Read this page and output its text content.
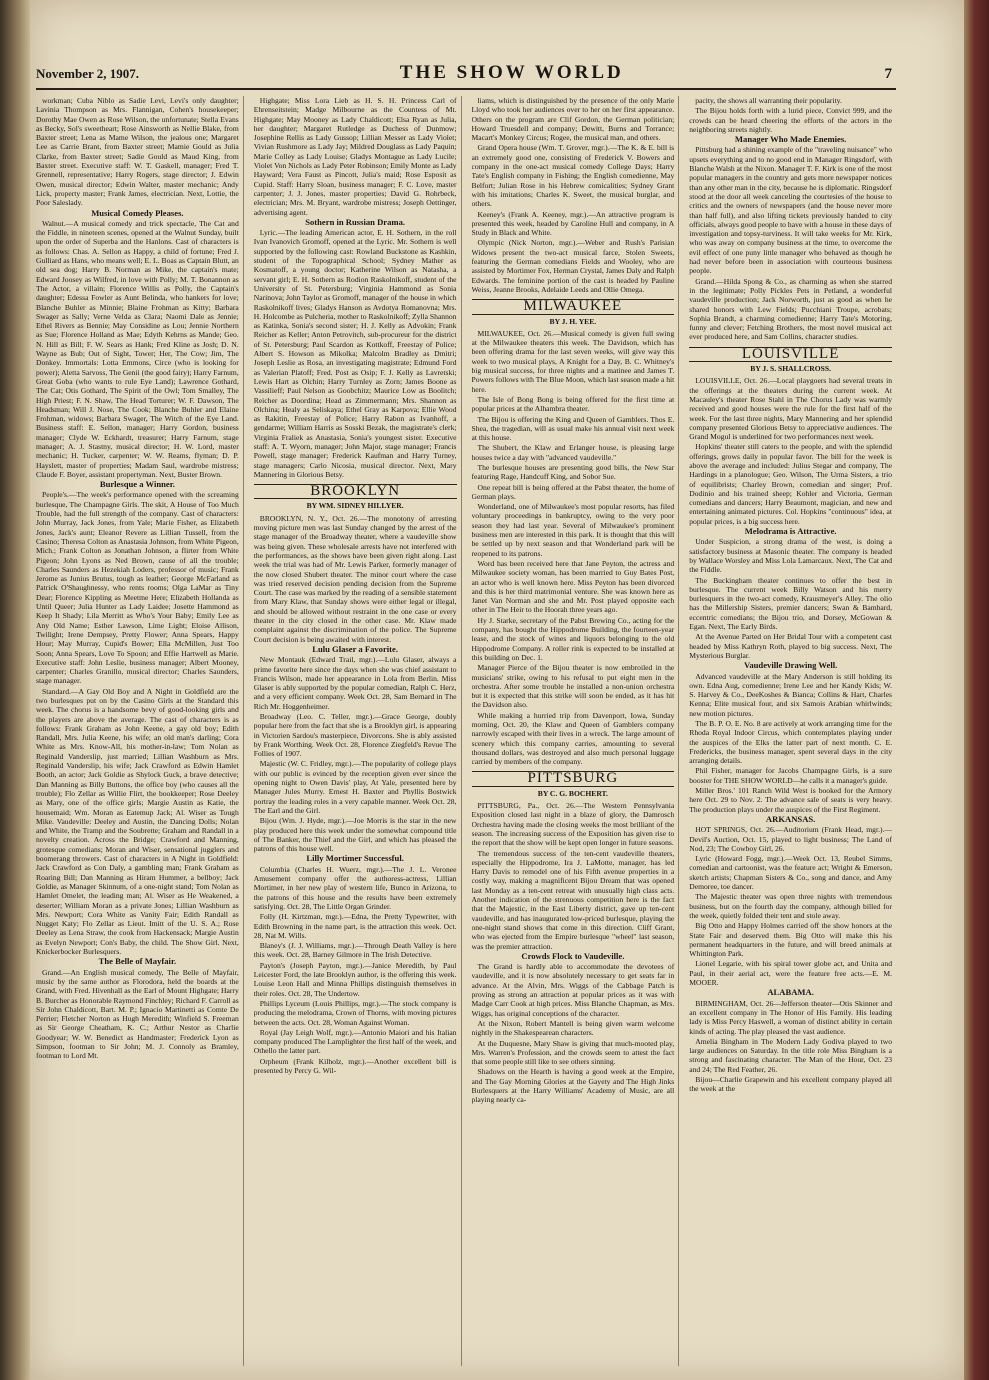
November 2, 1907.	THE SHOW WORLD	7

workman; Cuba Niblo as Sadie Levi, Levi's only daughter; Lavinia Thompson as Mrs. Flannigan, Cohen's housekeeper; Dorothy Mae Owen as Rose Wilson, the unfortunate; Stella Evans as Becky, Sol's sweetheart; Rose Ainsworth as Nellie Blake, from Baxter street; Lena as Mame Wilson, the jealous one; Margaret Lee as Carrie Brant, from Baxter street; Mamie Gould as Julia Clarke, from Baxter street; Sadie Gould as Maud King, from Baxter street. Executive staff: W. T. Gaskell, manager; Fred T. Grennell, representative; Harry Rogers, stage director; J. Edwin Owen, musical director; Edwin Walter, master mechanic; Andy Lick, property master; Frank James, electrician. Next, Lottie, the Poor Saleslady.

Musical Comedy Pleases.

Walnut.—A musical comedy and trick spectacle, The Cat and the Fiddle, in nineteen scenes, opened at the Walnut Sunday, built upon the order of Superba and the Hanlons. Cast of characters is as follows: Chas. A. Sellon as Happy, a child of fortune; Fred J. Gulliard as Hans, who means well; E. L. Boas as Captain Blutt, an old sea dog; Harry B. Norman as Mike, the captain's mate; Edward Joosey as Wilfred, in love with Polly; M. T. Bonannon as The Actor, a villain; Florence Willis as Polly, the Captain's daughter; Edessa Fowler as Aunt Belinda, who hankers for love; Blanche Buhler as Minnie; Blaine Frohman as Kitty; Barbara Swager as Sally; Verne Velda as Clara; Naomi Dale as Jennie; Ethel Rivers as Bennie; May Considine as Lou; Jennie Northern as Sue; Florence Holland as Mae; Edyth Kehrns as Mande; Geo. N. Hill as Bill; F. W. Sears as Hank; Fred Kline as Josh; D. N. Wayne as Bub; Out of Sight, Tower; Her, The Cow; Jim, The Donkey. Immortals: Lotta Emmons, Circe (who is looking for power); Aletta Sarvoss, The Genii (the good fairy); Harry Farnum, Great Goba (who wants to rule Eye Land); Lawrence Gothard, The Cat; Otis Gothard, The Spirit of the Owl; Tom Smalley, The High Priest; F. N. Shaw, The Head Torturer; W. F. Dawson, The Headsman; Will J. Nose, The Cook; Blanche Buhler and Elaine Frohman, widows; Barbara Swager, The Witch of the Eye Land. Business staff: E. Sellon, manager; Harry Gordon, business manager; Clyde W. Eckhardt, treasurer; Harry Farnum, stage manager; A. J. Stastny, musical director; H. W. Lord, master mechanic; H. Tucker, carpenter; W. W. Reams, flyman; D. P. Hayslett, master of properties; Madam Saul, wardrobe mistress; Claude F. Boyer, assistant propertyman. Next, Buster Brown.

Burlesque a Winner.

People's.—The week's performance opened with the screaming burlesque, The Champagne Girls. The skit, A House of Too Much Trouble, had the full strength of the company. Cast of characters: John Murray, Jack Jones, from Yale; Marie Fisher, as Elizabeth Jones, Jack's aunt; Eleanor Revere as Lillian Tussell, from the Casino; Theresa Colton as Anastasia Johnson, from White Pigeon, Mich.; Frank Colton as Jonathan Johnson, a flirter from White Pigeon; John Lyons as Ned Brown, cause of all the trouble; Charles Saunders as Hezekiah Loders, professor of music; Frank Jerome as Junius Brutus, tough as leather; George McFarland as Patrick O'Shaughnessy, who rents rooms; Olga LaMar as Tiny Dear; Florence Kippling as Meetme Here; Elizabeth Hollanda as Until Queer; Julia Hunter as Lady Laidee; Josette Hammond as Keep It Shady; Lila Merritt as Who's Your Baby; Emily Lee as Any Old Name; Esther Lawson, Lime Light; Eloise Allison, Twilight; Irene Dempsey, Pretty Flower; Anna Spears, Happy Hour; May Murray, Cupid's Bower; Ella McMillen, Just Too Soon; Anna Spears, Love To Spoon; and Effie Hartwell as Marie. Executive staff: John Leslie, business manager; Albert Mooney, carpenter; Charles Granillo, musical director; Charles Saunders, stage manager.

Standard.—A Gay Old Boy and A Night in Goldfield are the two burlesques put on by the Casino Girls at the Standard this week. The chorus is a handsome bevy of good-looking girls and the players are above the average. The cast of characters is as follows: Frank Graham as John Keene, a gay old boy; Edith Randall, Mrs. Julia Keene, his wife; an old man's darling; Cora White as Mrs. Know-All, his mother-in-law; Tom Nolan as Reginald Vanderslip, just married; Lillian Washburn as Mrs. Reginald Vanderslip, his wife; Jack Crawford as Edwin Hamlet Booth, an actor; Jack Goldie as Shylock Guck, a brave detective; Dan Manning as Billy Buttons, the office boy (who causes all the trouble); Flo Zellar as Willie Flirt, the bookkeeper; Rose Deeley as Mary, one of the office girls; Margie Austin as Katie, the housemaid; Wm. Moran as Eatemup Jack; Al. Wiser as Tough Mike. Vaudeville: Deeley and Austin, the Dancing Dolls; Nolan and White, the Tramp and the Soubrette; Graham and Randall in a novelty creation. Across the Bridge; Crawford and Manning, grotesque comedians; Moran and Wiser, sensational jugglers and boomerang throwers. Cast of characters in A Night in Goldfield: Jack Crawford as Con Daly, a gambling man; Frank Graham as Roaring Bill; Dan Manning as Hiram Hummer, a bellboy; Jack Goldie, as Manager Skinnum, of a one-night stand; Tom Nolan as Hamlet Omelet, the leading man; Al. Wiser as He Weakened, a deserter; William Moran as a private Jones; Lillian Washburn as Mrs. Newport; Cora White as Vanity Fair; Edith Randall as Nugget Katy; Flo Zellar as Lieut. Imitt of the U. S. A.; Rose Deeley as Lena Straw, the cook from Hackensack; Margie Austin as Evelyn Newport; Con's Baby, the child. The Show Girl. Next, Knickerbocker Burlesquers.

The Belle of Mayfair.

Grand.—An English musical comedy, The Belle of Mayfair, music by the same author as Florodora, held the boards at the Grand, with Fred. Hivenhall as the Earl of Mount Highgate; Harry B. Burcher as Honorable Raymond Finchley; Richard F. Carroll as Sir John Chaldicott, Bart. M. P.; Ignacio Martinetti as Comte De Perrier; Fletcher Norton as Hugh Meredith; Winfield S. Freeman as Sir George Cheatham, K. C.; Arthur Nestor as Charlie Goodyear; W. W. Benedict as Handmaster; Frederick Lyon as Simpson, footman to Sir John; M. J. Connoly as Bramley, footman to Lord Mt.

Highgate; Miss Lora Lieb as H. S. H. Princess Carl of Ehrenseitstein; Madge Milbourne as the Countess of Mt. Highgate; May Mooney as Lady Chaldicott; Elsa Ryan as Julia, her daughter; Margaret Rutledge as Duchess of Dunmow; Josephine Rellis as Lady Gussop; Lillian Messer as Lady Violet; Vivian Rushmore as Lady Jay; Mildred Douglass as Lady Paquin; Marie Colley as Lady Louise; Gladys Montague as Lady Lucile; Violet Von Nichols as Lady Peter Robinson; Emily Monte as Lady Hayward; Vera Faust as Pincott, Julia's maid; Rose Esposit as Cupid. Staff: Harry Sloan, business manager; F. C. Love, master carpenter; J. J. Jones, master properties; David G. Rohrbeck, electrician; Mrs. M. Bryant, wardrobe mistress; Joseph Oettinger, advertising agent.

Sothern in Russian Drama.

Lyric.—The leading American actor, E. H. Sothern, in the roll Ivan Ivanovich Gromoff, opened at the Lyric. Mr. Sothern is well supported by the following cast: Rowland Buckstone as Kashkin, student of the Topographical School; Sydney Mather as Kosmatoff, a young doctor; Katherine Wilson as Natasha, a servant girl; E. H. Sothern as Rodion Raskolnikoff, student of the University of St. Petersburg; Virginia Hammond as Sonia Narinova; John Taylor as Gromoff, manager of the house in which Raskolnikoff lives; Gladys Hanson as Avdotya Romanovna; Mrs. H. Holcombe as Pulcheria, mother to Raskolnikoff; Zylla Shannon as Katinka, Sonia's second sister; H. J. Kelly as Advokin; Frank Reicher as Keller; Anton Petrovitch, sub-procureur for the district of St. Petersburg; Paul Scardon as Kottkoff, Freestay of Police; Albert S. Howson as Mikolka; Malcolm Bradley as Dmitri; Joseph Leslie as Rosa, an investigating magistrate; Edmund Ford as Valerian Platoff; Fred. Post as Osip; F. J. Kelly as Lavretski; Lewis Hart as Olchin; Harry Turnley as Zorn; James Boone as Vassilieff; Paul Nelson as Goobchitz; Maurice Low as Boolitch; Reicher as Doordina; Head as Zimmermann; Mrs. Shannon as Olchina; Healy as Seliskaya; Ethel Gray as Karpova; Ellie Wood as Rakitin, Freestay of Police; Harry Rabon as Ivanhoff, a gendarme; William Harris as Sosski Bezak, the magistrate's clerk; Virginia Fraliek as Anastasia, Sonia's youngest sister. Executive staff: A. T. Wyorn, manager; John Major, stage manager; Francis Powell, stage manager; Frederick Kaufman and Harry Turney, stage managers; Carlo Nicosia, musical director. Next, Mary Mannering in Glorious Betsy.

BROOKLYN
BY WM. SIDNEY HILLYER.

BROOKLYN, N. Y., Oct. 26.—The monotony of arresting moving picture men was last Sunday changed by the arrest of the stage manager of the Broadway theater, where a vaudeville show was being given. These wholesale arrests have not interfered with the performances, as the shows have been given right along. Last week the trial was had of Mr. Lewis Parker, formerly manager of the now closed Shubert theater. The minor court where the case was tried reserved decision pending decision from the Supreme Court. The case was marked by the reading of a sensible statement from Mary Klaw, that Sunday shows were either legal or illegal, and should be allowed without restraint in the one case or every theater in the city closed in the other case. Mr. Klaw made complaint against the discrimination of the police. The Supreme Court decision is being awaited with interest.

Lulu Glaser a Favorite.

New Montauk (Edward Trail, mgr.).—Lulu Glaser, always a prime favorite here since the days when she was chief assistant to Francis Wilson, made her appearance in Lola from Berlin. Miss Glaser is ably supported by the popular comedian, Ralph C. Herz, and a very efficient company. Week Oct. 28, Sam Bernard in The Rich Mr. Hoggenheimer.

Broadway (Leo. C. Teller, mgr.).—Grace George, doubly popular here from the fact that she is a Brooklyn girl, is appearing in Victorien Sardou's masterpiece, Divorcons. She is ably assisted by Frank Worthing. Week Oct. 28, Florence Ziegfeld's Revue The Follies of 1907.

Majestic (W. C. Fridley, mgr.).—The popularity of college plays with our public is evinced by the reception given ever since the opening night to Owen Davis' play, At Yale, presented here by Manager Jules Murry. Ernest H. Baxter and Phyllis Bostwick portray the leading roles in a very capable manner. Week Oct. 28, The Earl and the Girl.

Bijou (Wm. J. Hyde, mgr.).—Joe Morris is the star in the new play produced here this week under the somewhat compound title of The Banker, the Thief and the Girl, and which has pleased the patrons of this house well.

Lilly Mortimer Successful.

Columbia (Charles H. Wuerz, mgr.).—The J. L. Veronee Amusement company offer the authoress-actress, Lillian Mortimer, in her new play of western life, Bunco in Arizona, to the patrons of this house and the results have been extremely satisfying. Oct. 28, The Little Organ Grinder.

Folly (H. Kirtzman, mgr.).—Edna, the Pretty Typewriter, with Edith Browning in the name part, is the attraction this week. Oct. 28, Nat M. Wills.

Blaney's (J. J. Williams, mgr.).—Through Death Valley is here this week. Oct. 28, Barney Gilmore in The Irish Detective.

Payton's (Joseph Payton, mgr.).—Janice Meredith, by Paul Leicester Ford, the late Brooklyn author, is the offering this week. Louise Leon Hall and Minna Phillips distinguish themselves in their roles. Oct. 28, The Undertow.

Phillips Lyceum (Louis Phillips, mgr.).—The stock company is producing the melodrama, Crown of Thorns, with moving pictures between the acts. Oct. 28, Woman Against Woman.

Royal (Jay Leigh Wolf, mgr.).—Antonio Maiori and his Italian company produced The Lamplighter the first half of the week, and Othello the latter part.

Orpheum (Frank Kilholz, mgr.).—Another excellent bill is presented by Percy G. Wil-

liams, which is distinguished by the presence of the only Marie Lloyd who took her audiences over to her on her first appearance. Others on the program are Clif Gordon, the German politician; Howard Truesdell and company; Dewitt, Burns and Torrance; Macart's Monkey Circus; Rogee, the musical man, and others.

Grand Opera house (Wm. T. Grover, mgr.).—The K. & E. bill is an extremely good one, consisting of Frederick V. Bowers and company in the one-act musical comedy College Days; Harry Tate's English company in Fishing; the English comedienne, May Belfort; Julian Rose in his Hebrew comicalities; Sydney Grant with his imitations; Charles K. Sweet, the musical burglar, and others.

Keeney's (Frank A. Keeney, mgr.).—An attractive program is presented this week, headed by Caroline Hull and company, in A Study in Black and White.

Olympic (Nick Norton, mgr.).—Weber and Rush's Parisian Widows present the two-act musical farce, Stolen Sweets, featuring the German comedians Fields and Wooley, who are assisted by Mortimer Fox, Herman Crystal, James Daly and Ralph Edwards. The feminine portion of the cast is headed by Pauline Weiss, Jeanne Brooks, Adelaide Leeds and Ollie Omega.

MILWAUKEE
BY J. H. YEE.

MILWAUKEE, Oct. 26.—Musical comedy is given full swing at the Milwaukee theaters this week. The Davidson, which has been offering drama for the last seven weeks, will give way this week to two musical plays, A Knight for a Day, B. C. Whitney's big musical success, for three nights and a matinee and James T. Powers follows with The Blue Moon, which last season made a hit here.

The Isle of Bong Bong is being offered for the first time at popular prices at the Alhambra theater.

The Bijou is offering the King and Queen of Gamblers. Thos E. Shea, the tragedian, will as usual make his annual visit next week at this house.

The Shubert, the Klaw and Erlanger house, is pleasing large houses twice a day with "advanced vaudeville."

The burlesque houses are presenting good bills, the New Star featuring Rage, Handcuff King, and Sobor Sue.

One repeat bill is being offered at the Pabst theater, the home of German plays.

Wonderland, one of Milwaukee's most popular resorts, has filed voluntary proceedings in bankruptcy, owing to the very poor season they had last year. Several of Milwaukee's prominent business men are interested in this park. It is thought that this will be settled up by next season and that Wonderland park will be reopened to its patrons.

Word has been received here that Jane Peyton, the actress and Milwaukee society woman, has been married to Guy Bates Post, an actor who is well known here. Miss Peyton has been divorced and this is her third matrimonial venture. She was known here as Janet Van Norman and she and Mr. Post played opposite each other in The Heir to the Hoorah three years ago.

Hy J. Starke, secretary of the Pabst Brewing Co., acting for the company, has bought the Hippodrome Building, the fourteen-year lease, and the stock of wines and liquors belonging to the old Hippodrome Company. A roller rink is expected to be installed at this building on Dec. 1.

Manager Pierce of the Bijou theater is now embroiled in the musicians' strike, owing to his refusal to put eight men in the orchestra. After some trouble he installed a non-union orchestra but it is expected that this strike will soon be ended, as it has hit the Davidson also.

While making a hurried trip from Davenport, Iowa, Sunday morning, Oct. 20, the Klaw and Queen of Gamblers company narrowly escaped with their lives in a wreck. The large amount of scenery which this company carries, amounting to several thousand dollars, was destroyed and also much personal luggage carried by members of the company.

PITTSBURG
BY C. G. BOCHERT.

PITTSBURG, Pa., Oct. 26.—The Western Pennsylvania Exposition closed last night in a blaze of glory, the Damrosch Orchestra having made the closing weeks the most brilliant of the season. The increasing success of the Exposition has given rise to the report that the show will be kept open longer in future seasons.

The tremendous success of the ten-cent vaudeville theaters, especially the Hippodrome, Ira J. LaMotte, manager, has led Harry Davis to remodel one of his Fifth avenue properties in a costly way, making a magnificent Bijou Dream that was opened last Monday as a ten-cent retreat with unusually high class acts. Another indication of the strenuous competition here is the fact that the Majestic, in the East Liberty district, gave up ten-cent vaudeville, and has inaugurated low-priced burlesque, playing the one-night stand shows that come in this direction. Cliff Grant, who was ejected from the Empire burlesque "wheel" last season, was the premier attraction.

Crowds Flock to Vaudeville.

The Grand is hardly able to accommodate the devotees of vaudeville, and it is now absolutely necessary to get seats far in advance. At the Alvin, Mrs. Wiggs of the Cabbage Patch is proving as strong an attraction at popular prices as it was with Madge Carr Cook at high prices. Miss Blanche Chapman, as Mrs. Wiggs, has original conceptions of the character.

At the Nixon, Robert Mantell is being given warm welcome nightly in the Shakespearean characters.

At the Duquesne, Mary Shaw is giving that much-mooted play, Mrs. Warren's Profession, and the crowds seem to attest the fact that some people still like to see others sinning.

Shadows on the Hearth is having a good week at the Empire, and The Gay Morning Glories at the Gayety and The High Jinks Burlesquers at the Harry Williams' Academy of Music, are all playing nearly ca-

pacity, the shows all warranting their popularity.

The Bijou holds forth with a lurid piece, Convict 999, and the crowds can be heard cheering the efforts of the actors in the neighboring streets nightly.

Manager Who Made Enemies.

Pittsburg had a shining example of the "traveling nuisance" who upsets everything and to no good end in Manager Ringsdorf, with Blanche Walsh at the Nixon. Manager T. F. Kirk is one of the most popular managers in the country and gets more newspaper notices than any other man in the city, because he is diplomatic. Ringsdorf stood at the door all week canceling the courtesies of the house to critics and the owners of newspapers (and the house never more than half full), and also lifting tickets previously handed to city officials, always good people to have with a house in these days of investigation and topsy-turviness. It will take weeks for Mr. Kirk, who was away on company business at the time, to overcome the evil effect of one puny little manager who behaved as though he had never before been in association with courteous business people.

Grand.—Hilda Spong & Co., as charming as when she starred in the legitimate; Polly Pickles Pets in Petland, a wonderful vaudeville production; Jack Norworth, just as good as when he shared honors with Lew Fields; Pucchiani Troupe, acrobats; Sophia Brandt, a charming comedienne; Harry Tate's Motoring, funny and clever; Fetching Brothers, the most novel musical act ever produced here, and Sam Collins, character studies.

LOUISVILLE
BY J. S. SHALLCROSS.

LOUISVILLE, Oct. 26.—Local playgoers had several treats in the offerings at the theaters during the current week. At Macauley's theater Rose Stahl in The Chorus Lady was warmly received and good houses were the rule for the first half of the week. For the last three nights, Mary Mannering and her splendid company presented Glorious Betsy to appreciative audiences. The Grand Mogul is underlined for two performances next week.

Hopkins' theater still caters to the people, and with the splendid offerings, grows daily in popular favor. The bill for the week is above the average and included: Julius Stegar and company, The Hardings in a planologue; Geo. Wilson, The Urma Sisters, a trio of equilibrists; Charley Brown, comedian and singer; Prof. Dodinio and his trained sheep; Kohler and Victoria, German comedians and dancers; Harry Beaumont, magician, and new and entertaining animated pictures. Col. Hopkins "continuous" idea, at popular prices, is a big success here.

Melodrama is Attractive.

Under Suspicion, a strong drama of the west, is doing a satisfactory business at Masonic theater. The company is headed by Wallace Worsley and Miss Lola Lamarcaux. Next, The Cat and the Fiddle.

The Buckingham theater continues to offer the best in burlesque. The current week Billy Watson and his merry burlesquers in the two-act comedy, Krausmeyer's Alley. The olio has the Millership Sisters, premier dancers; Swan & Bambard, eccentric comedians; the Bijou trio, and Dorsey, McGowan & Egan. Next, The Early Birds.

At the Avenue Parted on Her Bridal Tour with a competent cast headed by Miss Kathryn Roth, played to big success. Next, The Mysterious Burglar.

Vaudeville Drawing Well.

Advanced vaudeville at the Mary Anderson is still holding its own. Edna Aug, comedienne; Irene Lee and her Kandy Kids; W. S. Harvey & Co., DeeKoshes & Bianca; Collins & Hart, Charles Kenna; Elite musical four, and six Samois Arabian whirlwinds; new motion pictures.

The B. P. O. E. No. 8 are actively at work arranging time for the Rhoda Royal Indoor Circus, which contemplates playing under the auspices of the Elks the latter part of next month. C. E. Fredericks, the business manager, spent several days in the city arranging details.

Phil Fisher, manager for Jacobs Champagne Girls, is a sure booster for THE SHOW WORLD—he calls it a manager's guide.

Miller Bros.' 101 Ranch Wild West is booked for the Armory here Oct. 29 to Nov. 2. The advance sale of seats is very heavy. The production plays under the auspices of the First Regiment.

ARKANSAS.

HOT SPRINGS, Oct. 26.—Auditorium (Frank Head, mgr.).—Devil's Auction, Oct. 15, played to light business; The Land of Nod, 23; The Cowboy Girl, 26.

Lyric (Howard Fogg, mgr.).—Week Oct. 13, Reubel Simms, comedian and cartoonist, was the feature act; Wright & Emerson, sketch artists; Chapman Sisters & Co., song and dance, and Amy Demoree, toe dancer.

The Majestic theater was open three nights with tremendous business, but on the fourth day the company, although billed for the week, quietly folded their tent and stole away.

Big Otto and Happy Holmes carried off the show honors at the State Fair and deserved them. Big Otto will make this his permanent headquarters in the future, and will breed animals at Whittington Park.

Lionel Legarie, with his spiral tower globe act, and Unita and Paul, in their aerial act, were the feature free acts.—E. M. MOOER.

ALABAMA.

BIRMINGHAM, Oct. 26—Jefferson theater—Otis Skinner and an excellent company in The Honor of His Family. His leading lady is Miss Percy Haswell, a woman of distinct ability in certain kinds of acting. The play pleased the vast audience.

Amelia Bingham in The Modern Lady Godiva played to two large audiences on Saturday. In the title role Miss Bingham is a strong and fascinating character. The Man of the Hour, Oct. 23 and 24; The Red Feather, 26.

Bijou—Charlie Grapewin and his excellent company played all the week at the
